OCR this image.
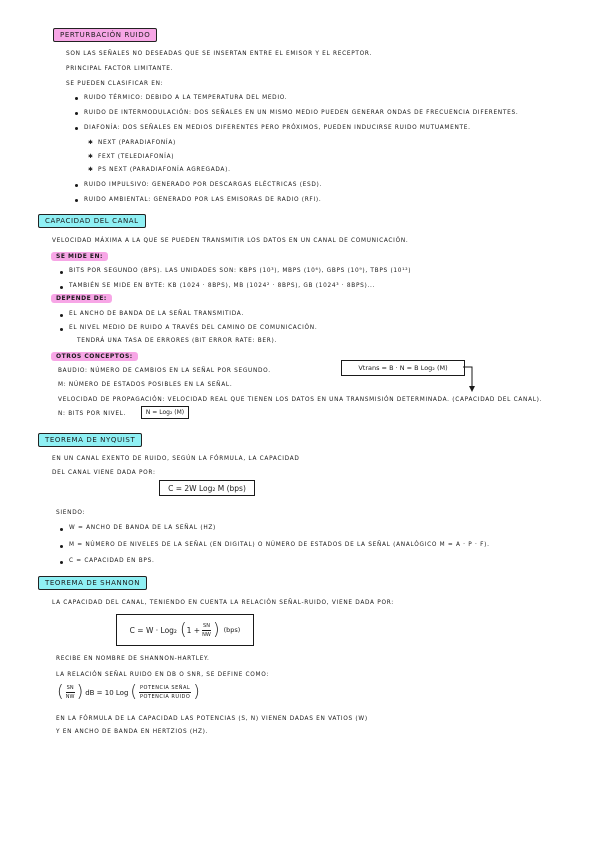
PERTURBACIÓN RUIDO
SON LAS SEÑALES NO DESEADAS QUE SE INSERTAN ENTRE EL EMISOR Y EL RECEPTOR.
PRINCIPAL FACTOR LIMITANTE.
SE PUEDEN CLASIFICAR EN:
RUIDO TÉRMICO: DEBIDO A LA TEMPERATURA DEL MEDIO.
RUIDO DE INTERMODULACIÓN: DOS SEÑALES EN UN MISMO MEDIO PUEDEN GENERAR ONDAS DE FRECUENCIA DIFERENTES.
DIAFONÍA: DOS SEÑALES EN MEDIOS DIFERENTES PERO PRÓXIMOS, PUEDEN INDUCIRSE RUIDO MUTUAMENTE.
✱ NEXT (PARADIAFONÍA)
✱ FEXT (TELEDIAFONÍA)
✱ PS NEXT (PARADIAFONÍA AGREGADA).
RUIDO IMPULSIVO: GENERADO POR DESCARGAS ELÉCTRICAS (ESD).
RUIDO AMBIENTAL: GENERADO POR LAS EMISORAS DE RADIO (RFI).
CAPACIDAD DEL CANAL
VELOCIDAD MÁXIMA A LA QUE SE PUEDEN TRANSMITIR LOS DATOS EN UN CANAL DE COMUNICACIÓN.
SE MIDE EN:
BITS POR SEGUNDO (BPS). LAS UNIDADES SON: KBPS (10³), MBPS (10⁶), GBPS (10⁹), TBPS (10¹²)
TAMBIÉN SE MIDE EN BYTE: KB (1024 · 8BPS), MB (1024² · 8BPS), GB (1024³ · 8BPS)...
DEPENDE DE:
EL ANCHO DE BANDA DE LA SEÑAL TRANSMITIDA.
EL NIVEL MEDIO DE RUIDO A TRAVÉS DEL CAMINO DE COMUNICACIÓN.
TENDRÁ UNA TASA DE ERRORES (BIT ERROR RATE: BER).
OTROS CONCEPTOS:
Vtrans = B · N = B Log₂ (M)
BAUDIO: NÚMERO DE CAMBIOS EN LA SEÑAL POR SEGUNDO.
M: NÚMERO DE ESTADOS POSIBLES EN LA SEÑAL.
VELOCIDAD DE PROPAGACIÓN: VELOCIDAD REAL QUE TIENEN LOS DATOS EN UNA TRANSMISIÓN DETERMINADA. (CAPACIDAD DEL CANAL).
N: BITS POR NIVEL.	N = Log₂ (M)
TEOREMA DE NYQUIST
EN UN CANAL EXENTO DE RUIDO, SEGÚN LA FÓRMULA, LA CAPACIDAD
DEL CANAL VIENE DADA POR:
C = 2W Log₂ M (bps)
SIENDO:
W = ANCHO DE BANDA DE LA SEÑAL (HZ)
M = NÚMERO DE NIVELES DE LA SEÑAL (EN DIGITAL) O NÚMERO DE ESTADOS DE LA SEÑAL (ANALÓGICO M = A · P · F).
C = CAPACIDAD EN BPS.
TEOREMA DE SHANNON
LA CAPACIDAD DEL CANAL, TENIENDO EN CUENTA LA RELACIÓN SEÑAL-RUIDO, VIENE DADA POR:
C = W · Log₂ ( $1 + \frac{SN}{NW}$ ) (bps)
RECIBE EN NOMBRE DE SHANNON-HARTLEY.
LA RELACIÓN SEÑAL RUIDO EN DB O SNR, SE DEFINE COMO:
( $\frac{SN}{NW}$ ) dB = 10 Log ( $\frac{\text{POTENCIA SEÑAL}}{\text{POTENCIA RUIDO}}$ )
EN LA FÓRMULA DE LA CAPACIDAD LAS POTENCIAS (S, N) VIENEN DADAS EN VATIOS (W)
Y EN ANCHO DE BANDA EN HERTZIOS (HZ).
